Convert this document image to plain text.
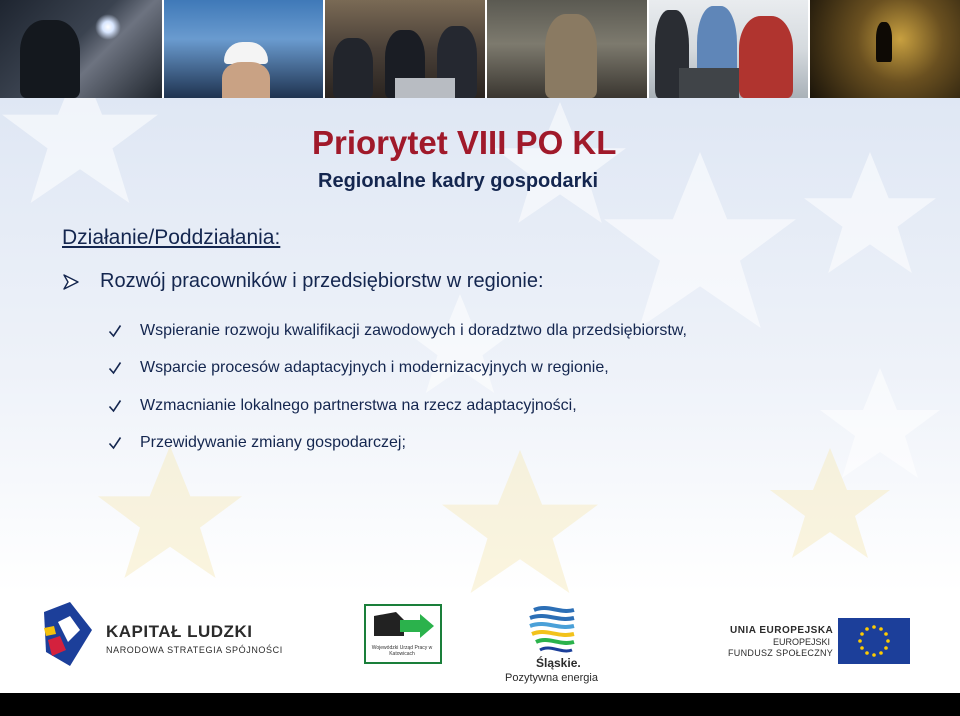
Priorytet VIII PO KL
Regionalne kadry gospodarki
Działanie/Poddziałania:
Rozwój pracowników i przedsiębiorstw w regionie:
Wspieranie rozwoju kwalifikacji zawodowych i doradztwo dla przedsiębiorstw,
Wsparcie procesów adaptacyjnych i modernizacyjnych w regionie,
Wzmacnianie lokalnego partnerstwa na rzecz adaptacyjności,
Przewidywanie zmiany gospodarczej;
KAPITAŁ LUDZKI
NARODOWA STRATEGIA SPÓJNOŚCI	Wojewódzki Urząd Pracy w Katowicach
Śląskie.
Pozytywna energia
UNIA EUROPEJSKA
EUROPEJSKI
FUNDUSZ SPOŁECZNY
